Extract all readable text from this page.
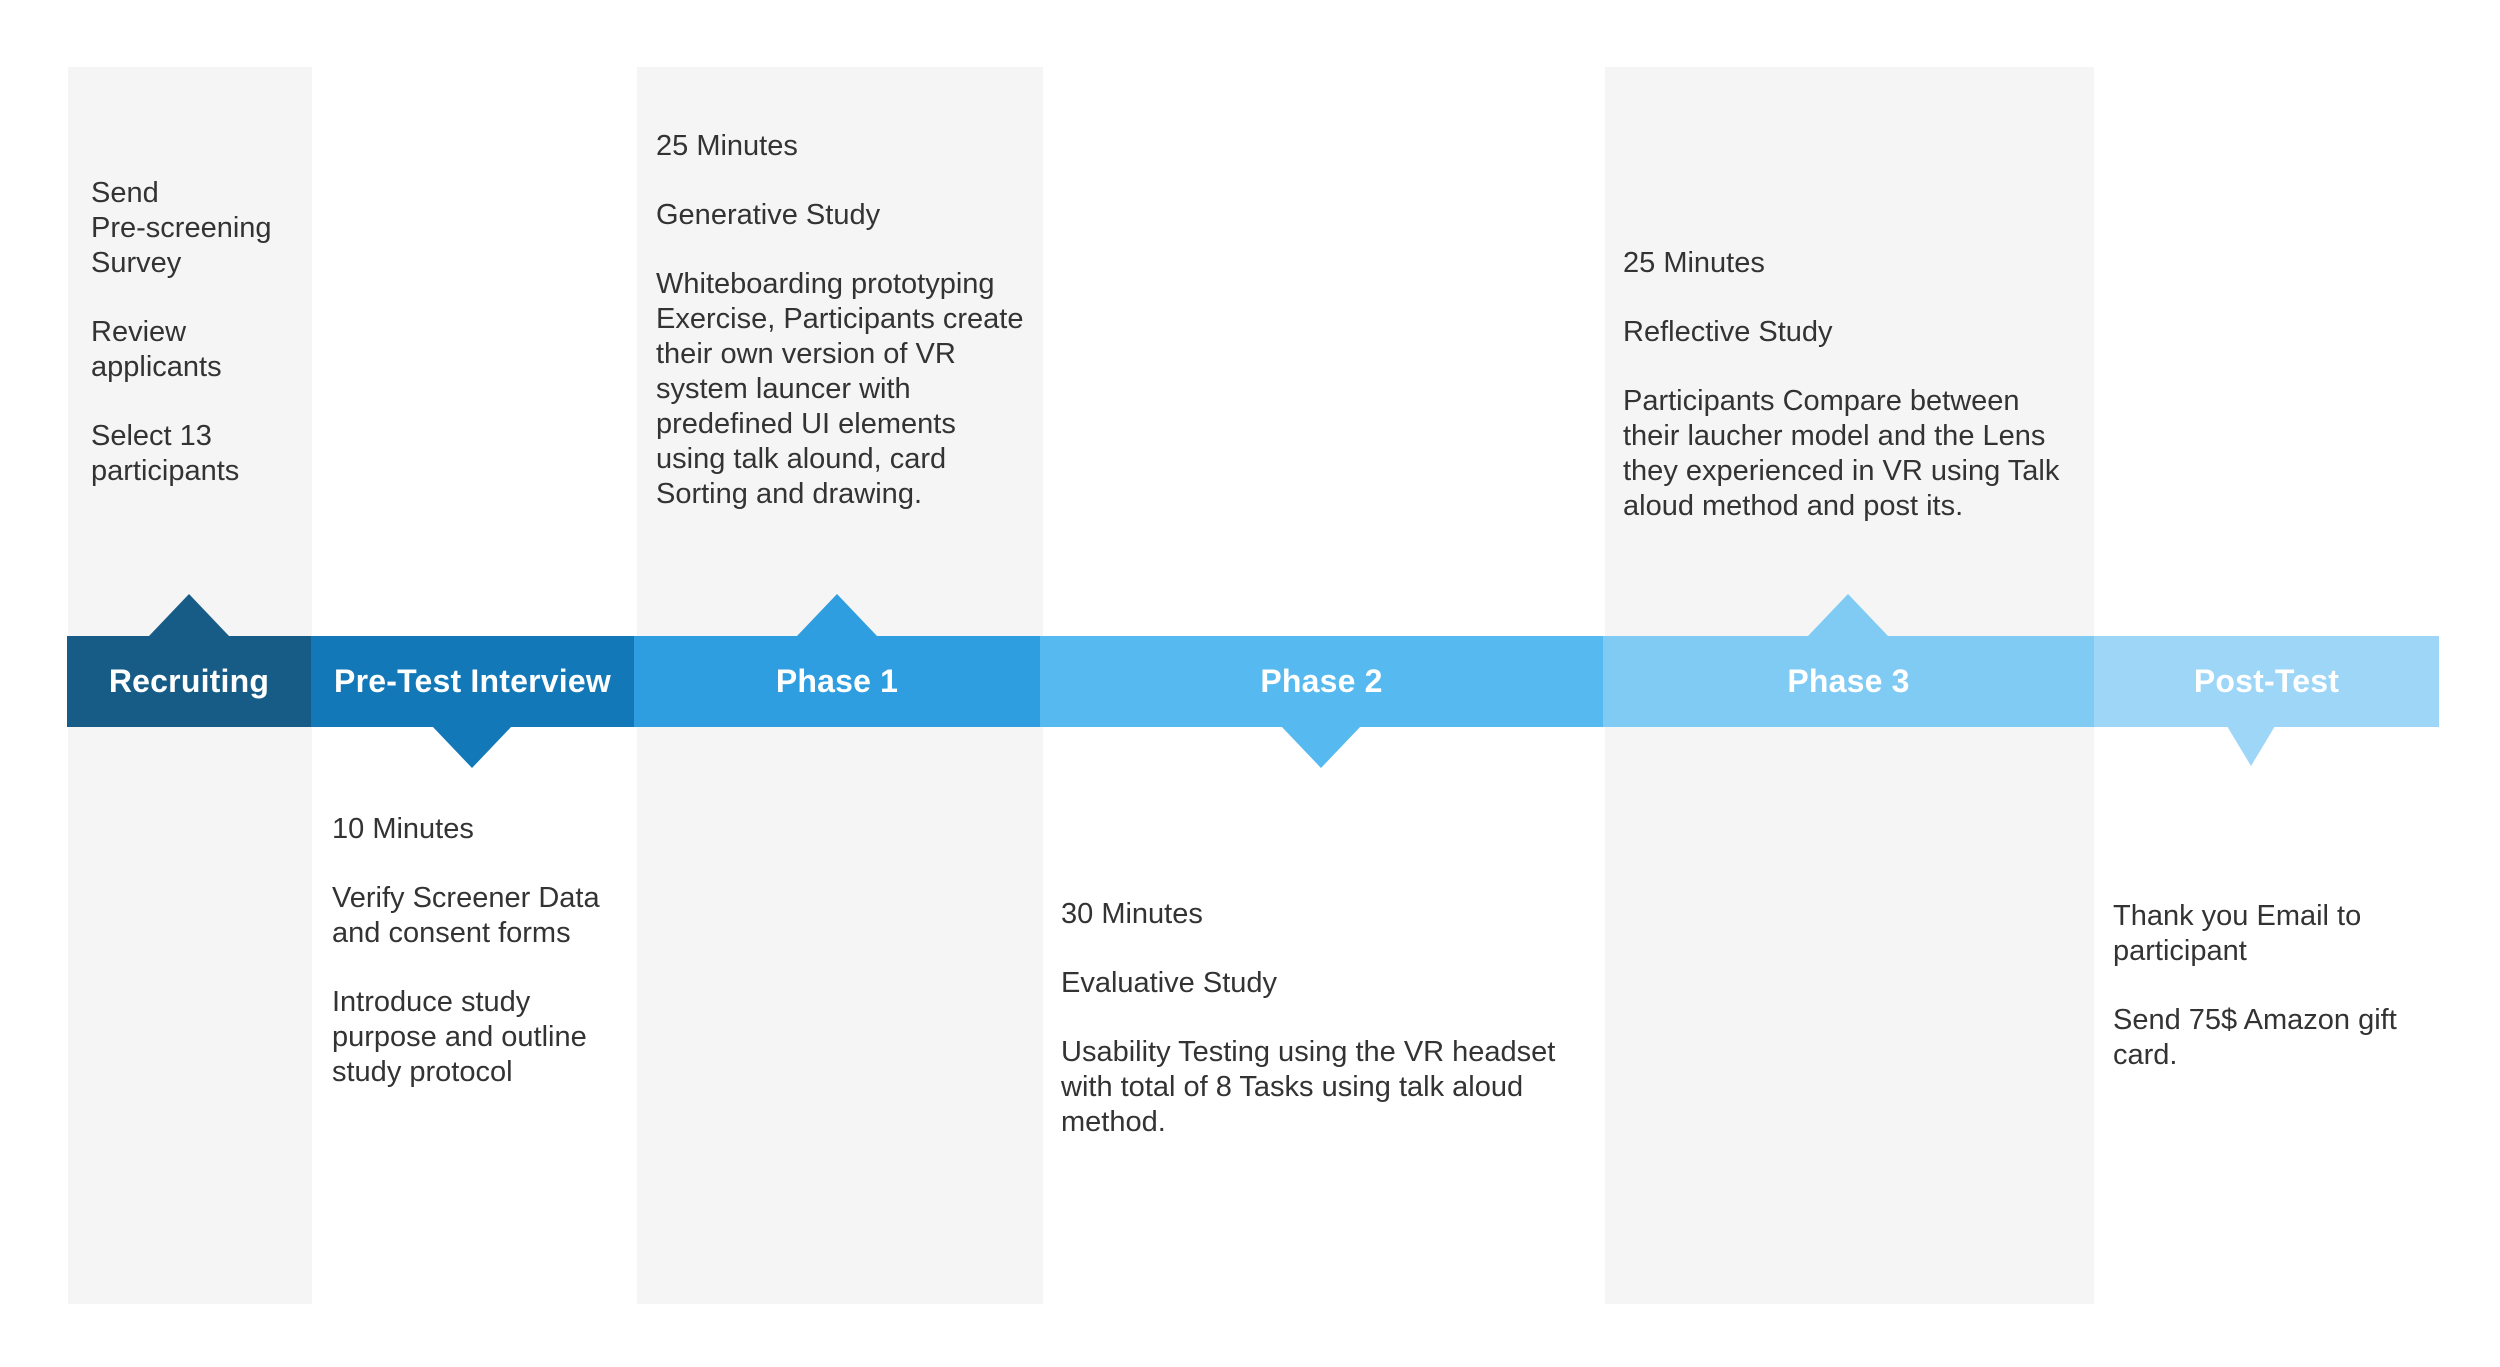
Recruiting	Pre-Test Interview	Phase 1	Phase 2	Phase 3	Post-Test

Send
Pre-screening
Survey

Review
applicants

Select 13
participants

10 Minutes

Verify Screener Data
and consent forms

Introduce study
purpose and outline
study protocol

25 Minutes

Generative Study

Whiteboarding prototyping
Exercise, Participants create
their own version of VR
system launcer with
predefined UI elements
using talk alound, card
Sorting and drawing.

30 Minutes

Evaluative Study

Usability Testing using the VR headset
with total of 8 Tasks using talk aloud
method.

25 Minutes

Reflective Study

Participants Compare between
their laucher model and the Lens
they experienced in VR using Talk
aloud method and post its.

Thank you Email to
participant

Send 75$ Amazon gift
card.
